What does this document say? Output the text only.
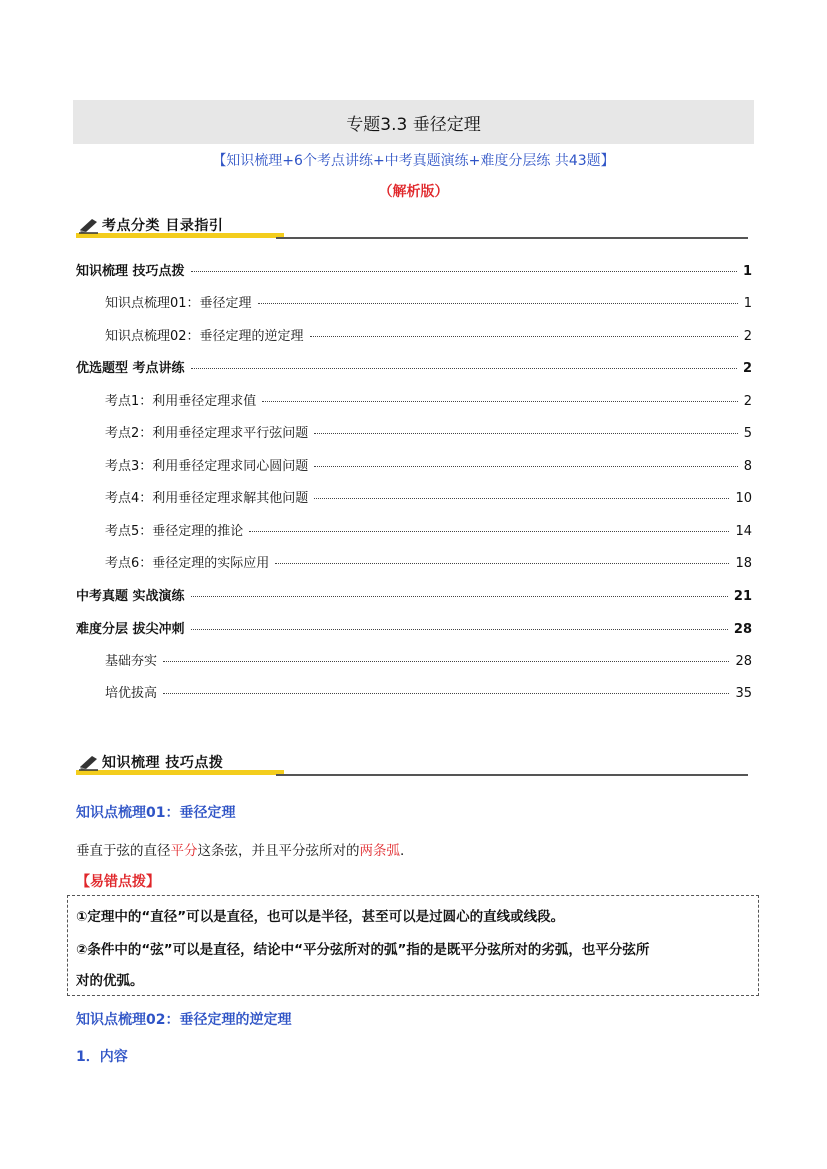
专题3.3 垂径定理
【知识梳理+6个考点讲练+中考真题演练+难度分层练 共43题】
（解析版）
考点分类 目录指引
知识梳理 技巧点拨	1
知识点梳理01：垂径定理	1
知识点梳理02：垂径定理的逆定理	2
优选题型 考点讲练	2
考点1：利用垂径定理求值	2
考点2：利用垂径定理求平行弦问题	5
考点3：利用垂径定理求同心圆问题	8
考点4：利用垂径定理求解其他问题	10
考点5：垂径定理的推论	14
考点6：垂径定理的实际应用	18
中考真题 实战演练	21
难度分层 拔尖冲刺	28
基础夯实	28
培优拔高	35
知识梳理 技巧点拨
知识点梳理01：垂径定理
垂直于弦的直径平分这条弦，并且平分弦所对的两条弧.
【易错点拨】
①定理中的“直径”可以是直径，也可以是半径，甚至可以是过圆心的直线或线段。
②条件中的“弦”可以是直径，结论中“平分弦所对的弧”指的是既平分弦所对的劣弧，也平分弦所
对的优弧。
知识点梳理02：垂径定理的逆定理
1．内容
